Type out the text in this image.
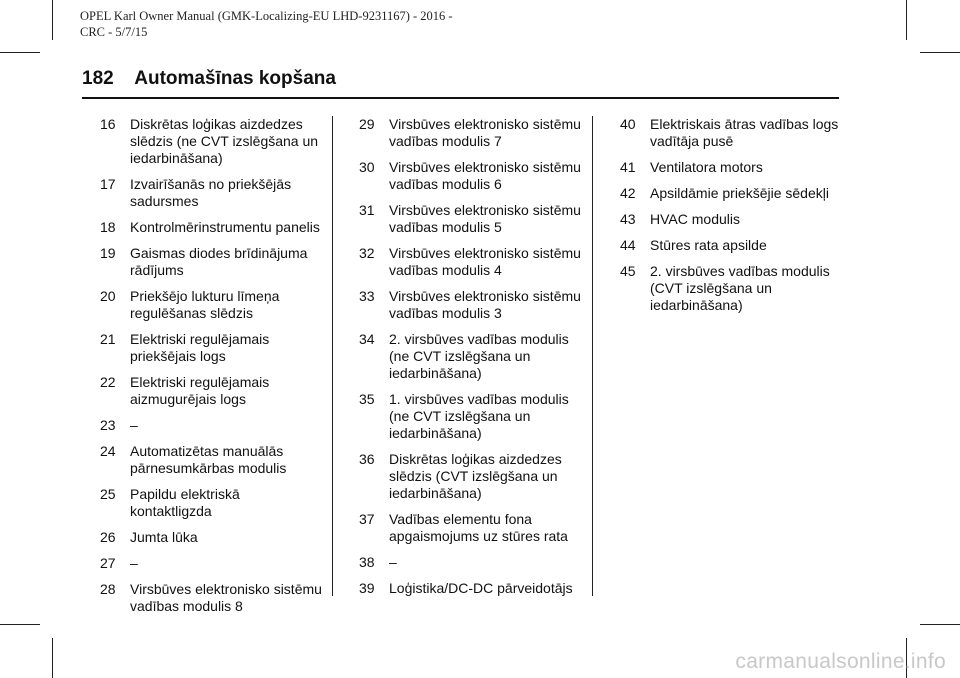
OPEL Karl Owner Manual (GMK-Localizing-EU LHD-9231167) - 2016 -
CRC - 5/7/15
182 Automašīnas kopšana
16 Diskrētas loģikas aizdedzes slēdzis (ne CVT izslēgšana un iedarbināšana)
17 Izvairīšanās no priekšējās sadursmes
18 Kontrolmērinstrumentu panelis
19 Gaismas diodes brīdinājuma rādījums
20 Priekšējo lukturu līmeņa regulēšanas slēdzis
21 Elektriski regulējamais priekšējais logs
22 Elektriski regulējamais aizmugurējais logs
23 –
24 Automatizētas manuālās pārnesumkārbas modulis
25 Papildu elektriskā kontaktligzda
26 Jumta lūka
27 –
28 Virsbūves elektronisko sistēmu vadības modulis 8
29 Virsbūves elektronisko sistēmu vadības modulis 7
30 Virsbūves elektronisko sistēmu vadības modulis 6
31 Virsbūves elektronisko sistēmu vadības modulis 5
32 Virsbūves elektronisko sistēmu vadības modulis 4
33 Virsbūves elektronisko sistēmu vadības modulis 3
34 2. virsbūves vadības modulis (ne CVT izslēgšana un iedarbināšana)
35 1. virsbūves vadības modulis (ne CVT izslēgšana un iedarbināšana)
36 Diskrētas loģikas aizdedzes slēdzis (CVT izslēgšana un iedarbināšana)
37 Vadības elementu fona apgaismojums uz stūres rata
38 –
39 Loģistika/DC-DC pārveidotājs
40 Elektriskais ātras vadības logs vadītāja pusē
41 Ventilatora motors
42 Apsildāmie priekšējie sēdekļi
43 HVAC modulis
44 Stūres rata apsilde
45 2. virsbūves vadības modulis (CVT izslēgšana un iedarbināšana)
carmanualsonline.info
